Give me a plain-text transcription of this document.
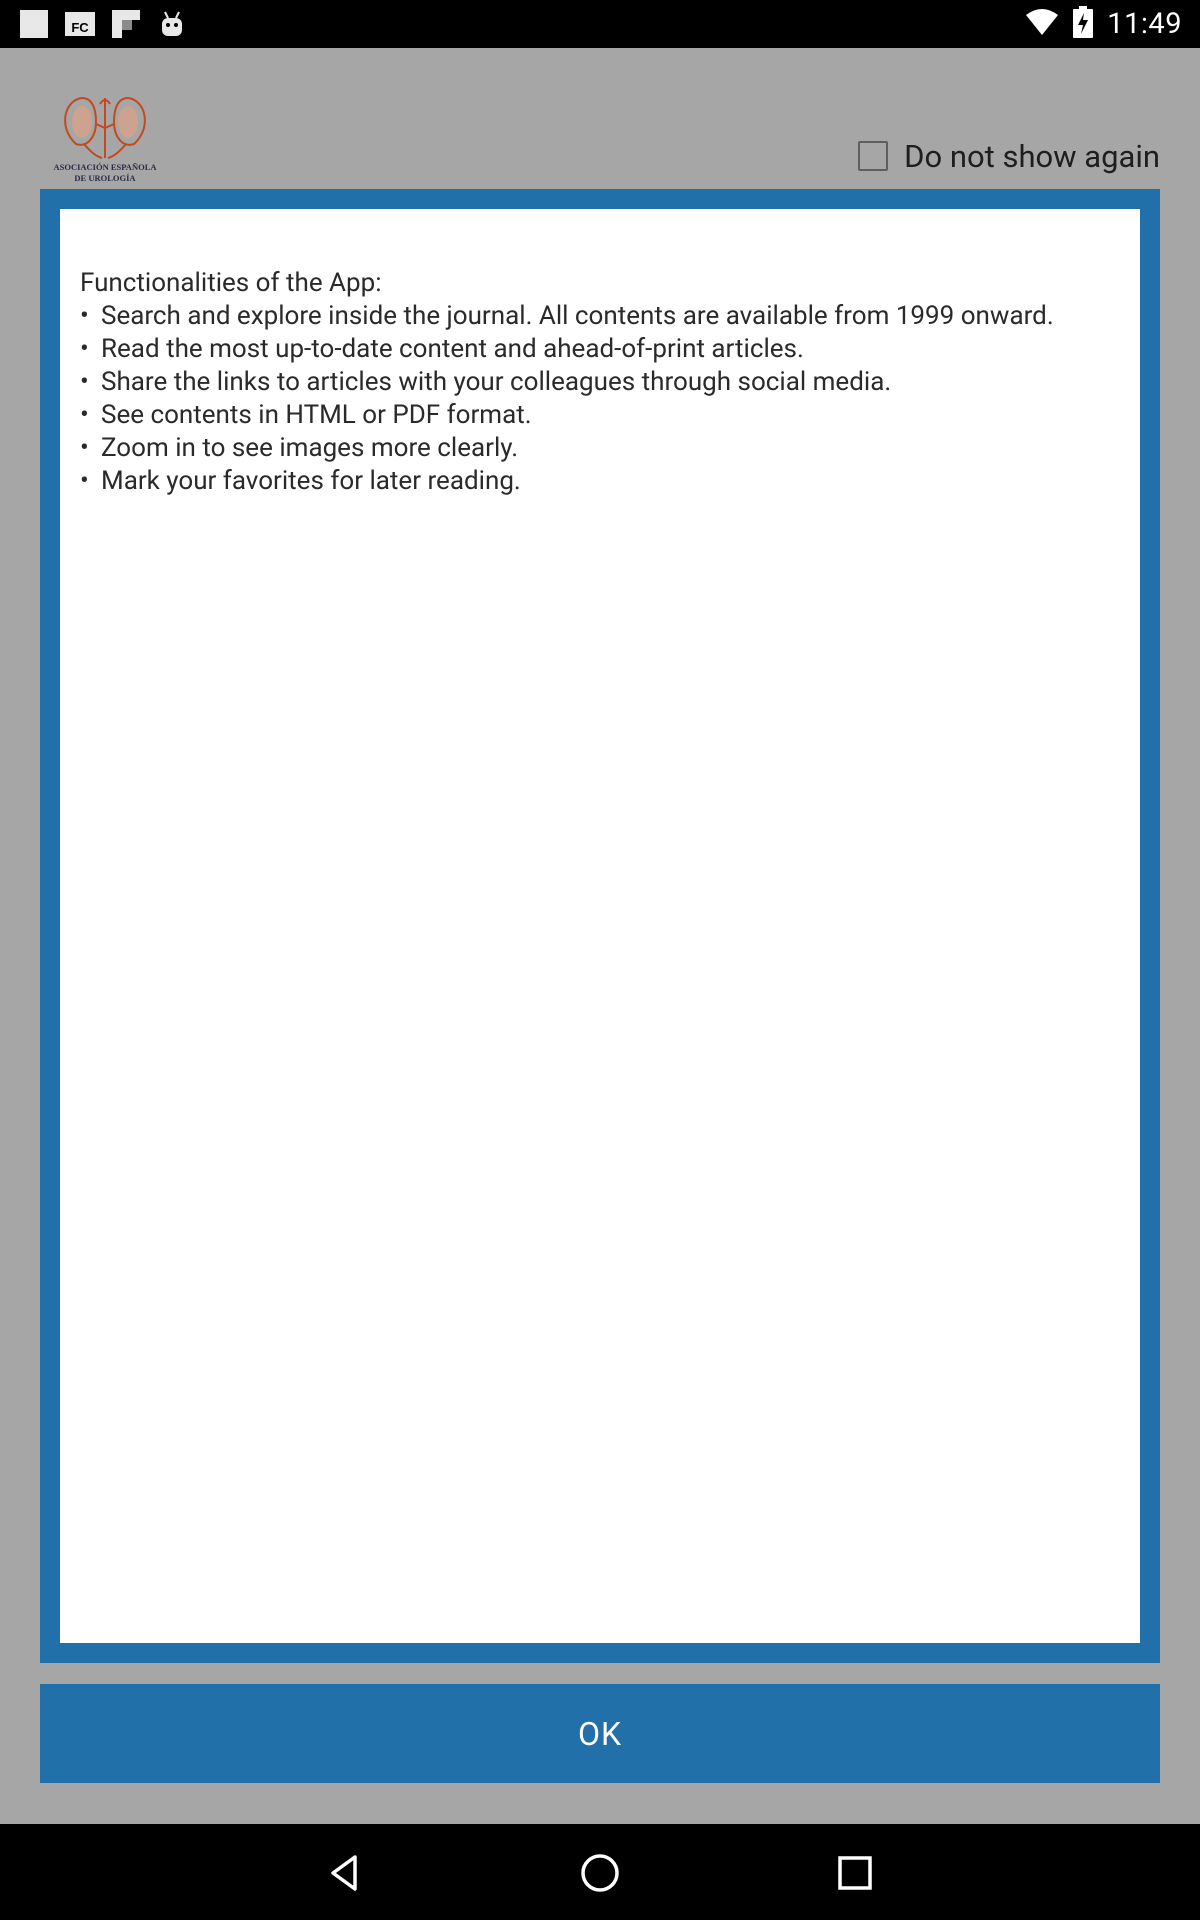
FC	11:49
ASOCIACIÓN ESPAÑOLA
DE UROLOGÍA
Do not show again

Functionalities of the App:

• Search and explore inside the journal. All contents are available from 1999 onward.
• Read the most up-to-date content and ahead-of-print articles.
• Share the links to articles with your colleagues through social media.
• See contents in HTML or PDF format.
• Zoom in to see images more clearly.
• Mark your favorites for later reading.
OK
